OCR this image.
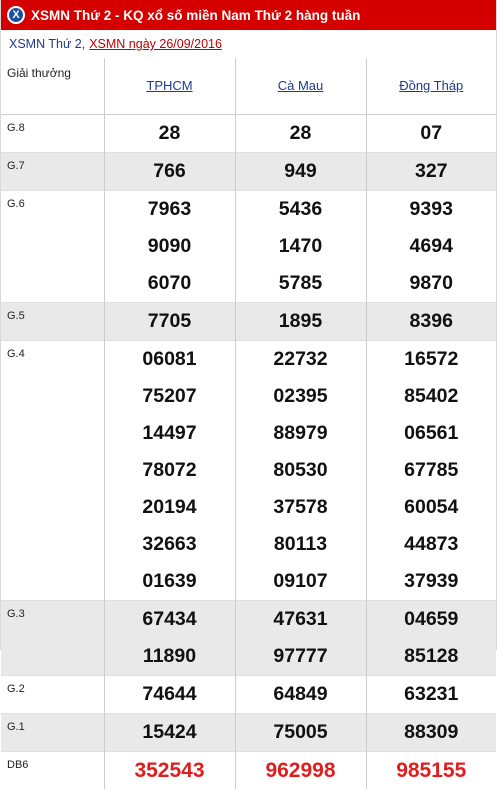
X XSMN Thứ 2 - KQ xổ số miền Nam Thứ 2 hàng tuần
XSMN Thứ 2, XSMN ngày 26/09/2016
Giải thưởng	TPHCM	Cà Mau	Đồng Tháp
G.8	28	28	07
G.7	766	949	327
G.6	7963	5436	9393
	9090	1470	4694
	6070	5785	9870
G.5	7705	1895	8396
G.4	06081	22732	16572
	75207	02395	85402
	14497	88979	06561
	78072	80530	67785
	20194	37578	60054
	32663	80113	44873
	01639	09107	37939
G.3	67434	47631	04659
	11890	97777	85128
G.2	74644	64849	63231
G.1	15424	75005	88309
DB6	352543	962998	985155
